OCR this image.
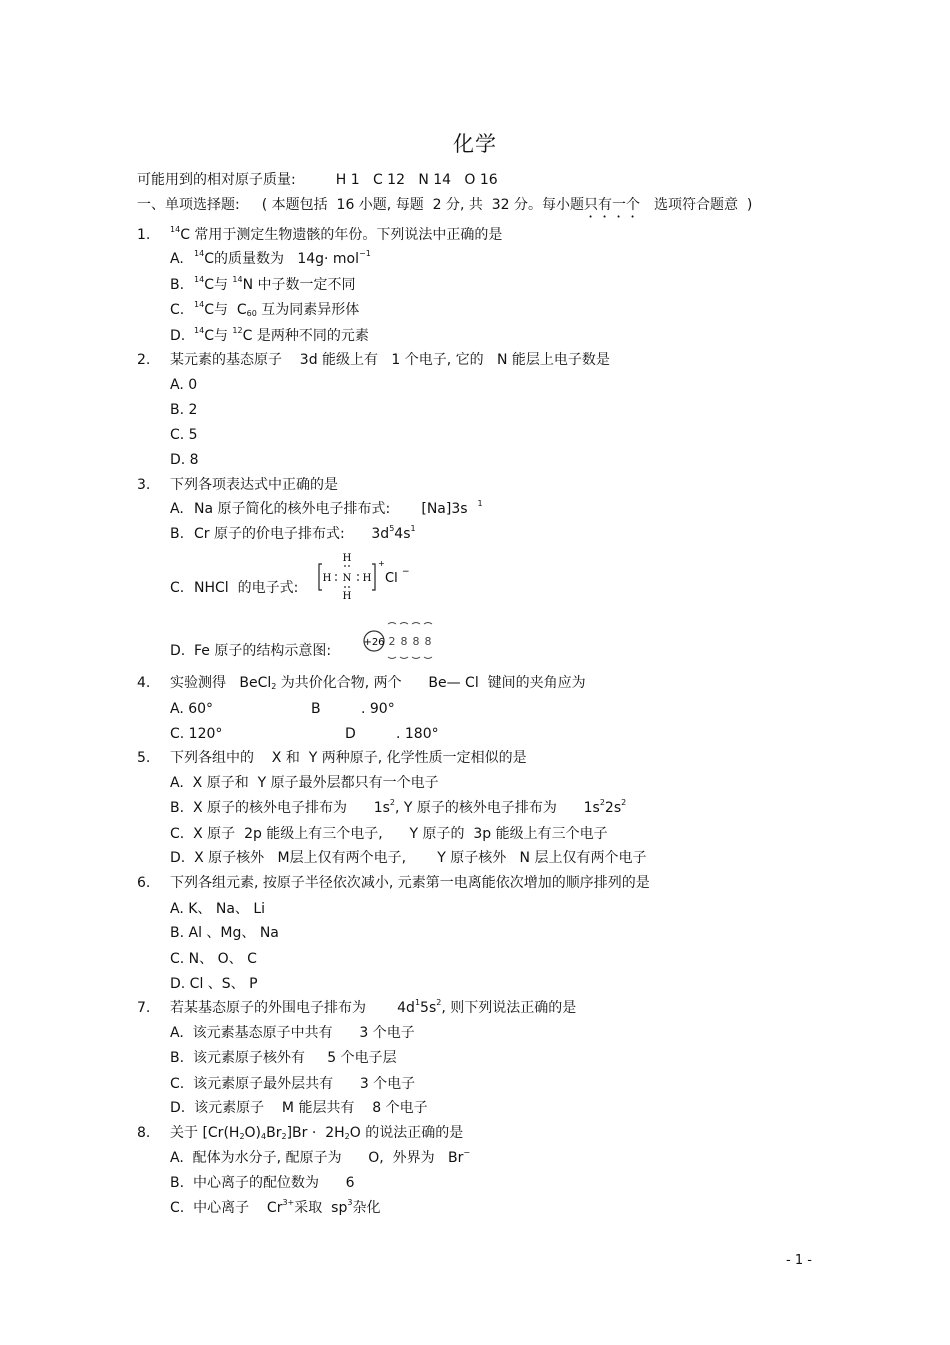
化学
可能用到的相对原子质量:	H 1   C 12   N 14   O 16
一、单项选择题: ( 本题包括  16 小题, 每题  2 分, 共  32 分。每小题只有一个 选项符合题意  )
1. $^{14}$C 常用于测定生物遗骸的年份。下列说法中正确的是
A. $^{14}$C的质量数为   14g· mol$^{-1}$
B. $^{14}$C与 $^{14}$N 中子数一定不同
C. $^{14}$C与  $C_{60}$ 互为同素异形体
D. $^{14}$C与 $^{12}$C 是两种不同的元素
2. 某元素的基态原子    3d 能级上有   1 个电子, 它的   N 能层上电子数是
A. 0
B. 2
C. 5
D. 8
3. 下列各项表达式中正确的是
A. Na 原子简化的核外电子排布式:       [Na]3s $^1$
B. Cr 原子的价电子排布式:      $3d^54s^1$
C. NHCl  的电子式:
H
H N H
H
+
Cl −
D. Fe 原子的结构示意图:
+26 2 8 8 8
4. 实验测得   BeCl$_2$ 为共价化合物, 两个      Be— Cl  键间的夹角应为
A. 60°	B	. 90°
C. 120°	D	. 180°
5. 下列各组中的    X 和  Y 两种原子, 化学性质一定相似的是
A.  X 原子和  Y 原子最外层都只有一个电子
B.  X 原子的核外电子排布为      $1s^2$, Y 原子的核外电子排布为      $1s^22s^2$
C.  X 原子  2p 能级上有三个电子,      Y 原子的  3p 能级上有三个电子
D.  X 原子核外   M层上仅有两个电子,       Y 原子核外   N 层上仅有两个电子
6. 下列各组元素, 按原子半径依次减小, 元素第一电离能依次增加的顺序排列的是
A. K、 Na、 Li
B. Al 、Mg、 Na
C. N、 O、 C
D. Cl 、S、 P
7. 若某基态原子的外围电子排布为       $4d^15s^2$, 则下列说法正确的是
A.  该元素基态原子中共有      3 个电子
B.  该元素原子核外有     5 个电子层
C.  该元素原子最外层共有      3 个电子
D.  该元素原子    M 能层共有    8 个电子
8. 关于 $[Cr(H_2O)_4Br_2]Br \cdot 2H_2O$ 的说法正确的是
A.  配体为水分子, 配原子为      O,  外界为   Br−
B.  中心离子的配位数为      6
C.  中心离子    $Cr^{3+}$采取  $sp^3$杂化
- 1 -
